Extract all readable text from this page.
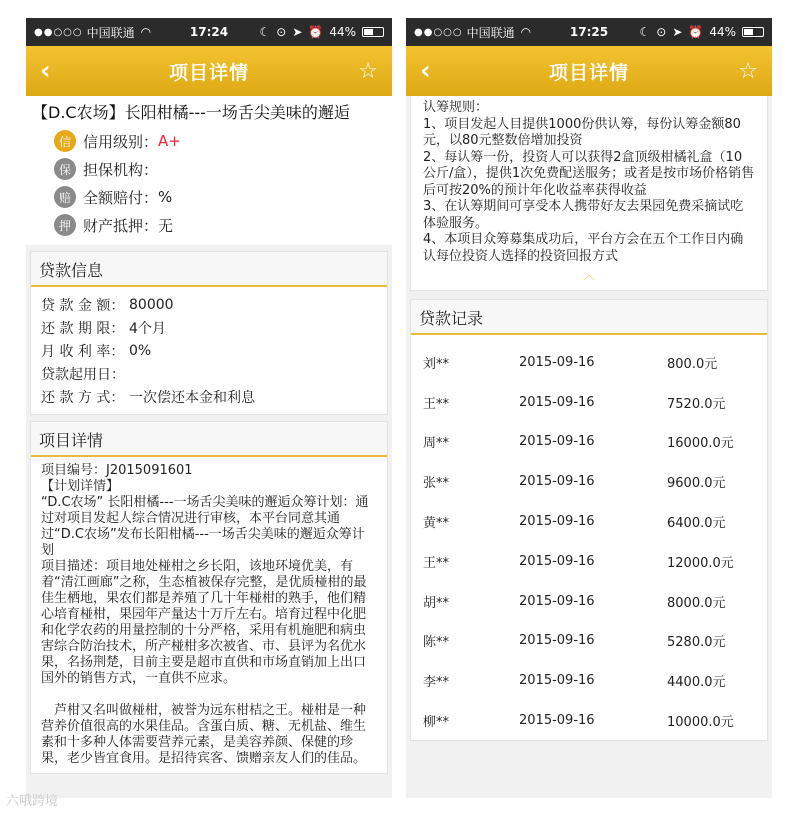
●●○○○ 中国联通 ◠	17:24	☾ ⊙ ➤ ⏰ 44%
‹	项目详情	☆
【D.C农场】长阳柑橘---一场舌尖美味的邂逅
信 信用级别： A+
保 担保机构：
赔 全额赔付： %
押 财产抵押： 无
贷款信息
贷 款 金 额： 80000
还 款 期 限： 4个月
月 收 利 率： 0%
贷款起用日：
还 款 方 式： 一次偿还本金和利息
项目详情

项目编号：J2015091601

【计划详情】

“D.C农场” 长阳柑橘---一场舌尖美味的邂逅众筹计划：通过对项目发起人综合情况进行审核，本平台同意其通过“D.C农场”发布长阳柑橘---一场舌尖美味的邂逅众筹计划

项目描述：项目地处椪柑之乡长阳，该地环境优美，有着“清江画廊”之称，生态植被保存完整，是优质椪柑的最佳生栖地，果农们都是养殖了几十年椪柑的熟手，他们精心培育椪柑，果园年产量达十万斤左右。培育过程中化肥和化学农药的用量控制的十分严格，采用有机施肥和病虫害综合防治技术，所产椪柑多次被省、市、县评为名优水果，名扬荆楚，目前主要是超市直供和市场直销加上出口国外的销售方式，一直供不应求。

芦柑又名叫做椪柑，被誉为远东柑桔之王。椪柑是一种营养价值很高的水果佳品。含蛋白质、糖、无机盐、维生素和十多种人体需要营养元素，是美容养颜、保健的珍果，老少皆宜食用。是招待宾客、馈赠亲友人们的佳品。

●●○○○ 中国联通 ◠	17:25	☾ ⊙ ➤ ⏰ 44%
‹	项目详情	☆

认筹规则：

1、项目发起人目提供1000份供认筹，每份认筹金额80元，以80元整数倍增加投资

2、每认筹一份，投资人可以获得2盒顶级柑橘礼盒（10公斤/盒），提供1次免费配送服务；或者是按市场价格销售后可按20%的预计年化收益率获得收益

3、在认筹期间可享受本人携带好友去果园免费采摘试吃体验服务。

4、本项目众筹募集成功后，平台方会在五个工作日内确认每位投资人选择的投资回报方式

︿
贷款记录
刘**	2015-09-16	800.0元
王**	2015-09-16	7520.0元
周**	2015-09-16	16000.0元
张**	2015-09-16	9600.0元
黄**	2015-09-16	6400.0元
王**	2015-09-16	12000.0元
胡**	2015-09-16	8000.0元
陈**	2015-09-16	5280.0元
李**	2015-09-16	4400.0元
柳**	2015-09-16	10000.0元
六哦跨境
